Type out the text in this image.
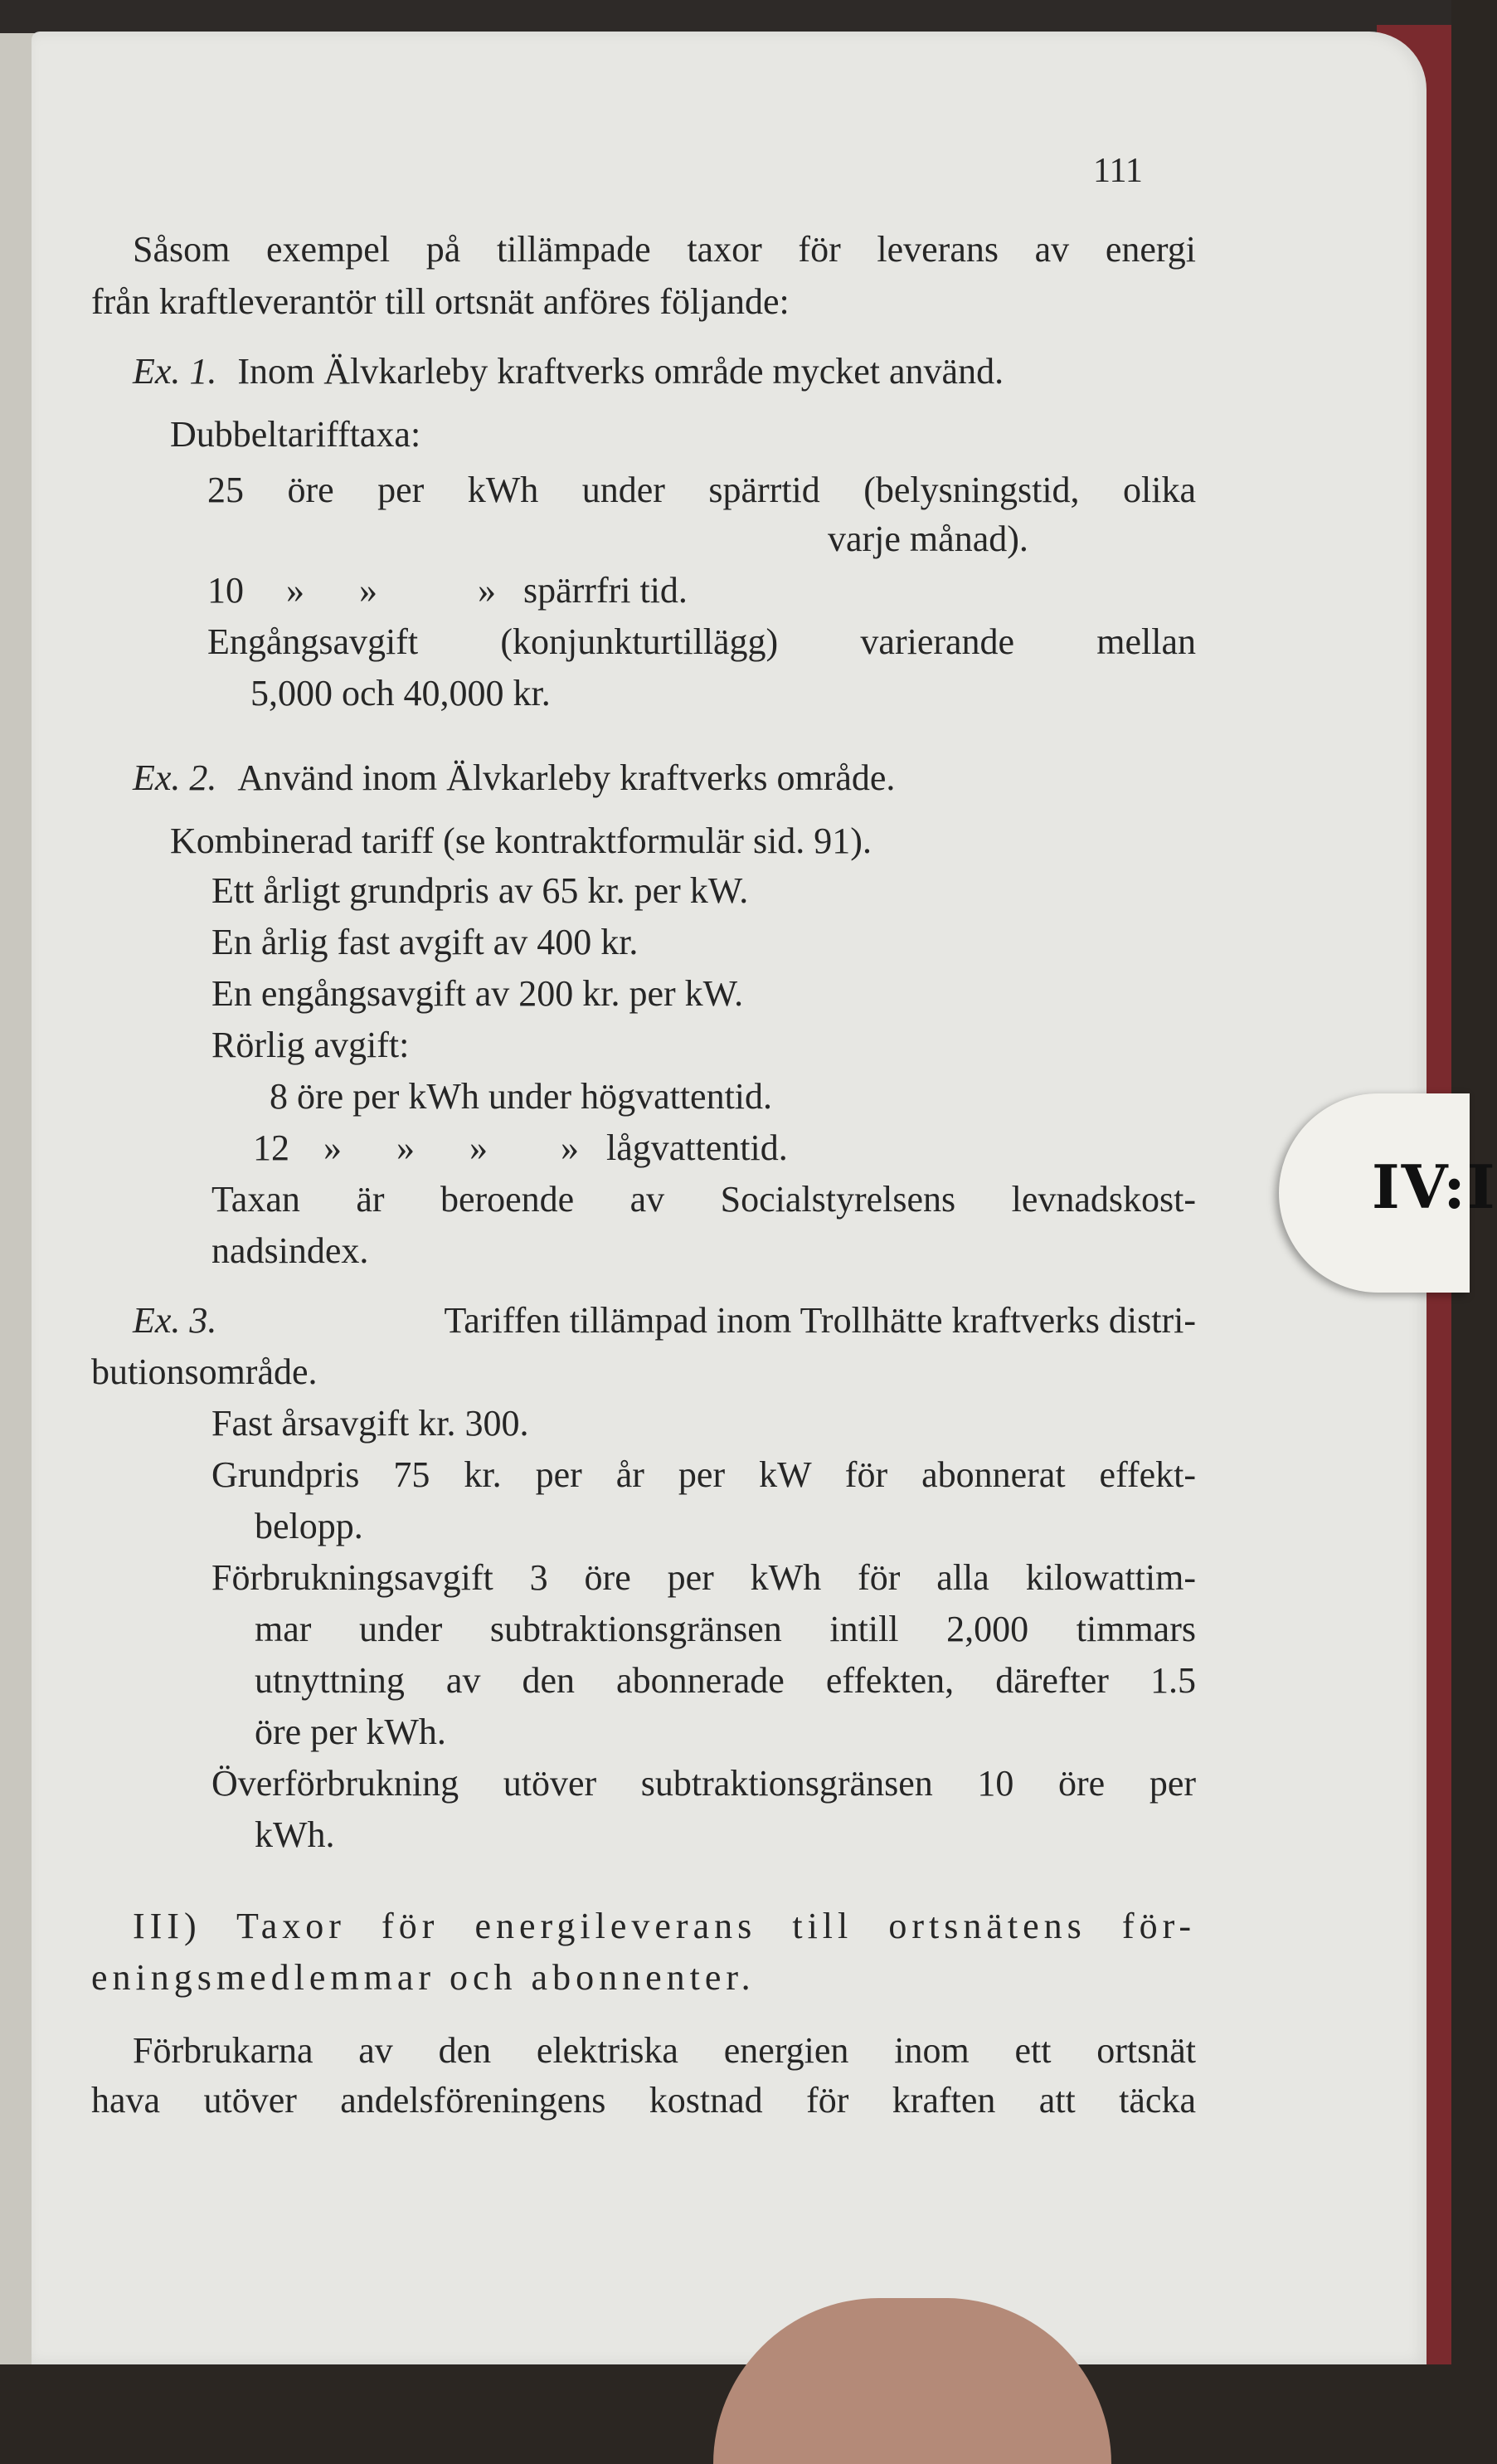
111
Såsom exempel på tillämpade taxor för leverans av energi
från kraftleverantör till ortsnät anföres följande:
Ex. 1. Inom Älvkarleby kraftverks område mycket använd.
Dubbeltarifftaxa:
25 öre per kWh under spärrtid (belysningstid, olika
varje månad).
10 »      »           » spärrfri tid.
Engångsavgift (konjunkturtillägg) varierande mellan
5,000 och 40,000 kr.
Ex. 2. Använd inom Älvkarleby kraftverks område.
Kombinerad tariff (se kontraktformulär sid. 91).
Ett årligt grundpris av 65 kr. per kW.
En årlig fast avgift av 400 kr.
En engångsavgift av 200 kr. per kW.
Rörlig avgift:
8 öre per kWh under högvattentid.
12 »      »      »        » lågvattentid.
Taxan är beroende av Socialstyrelsens levnadskost-
nadsindex.
Ex. 3.	Tariffen tillämpad inom Trollhätte kraftverks distri-
butionsområde.
Fast årsavgift kr. 300.
Grundpris 75 kr. per år per kW för abonnerat effekt-
belopp.
Förbrukningsavgift 3 öre per kWh för alla kilowattim-
mar under subtraktionsgränsen intill 2,000 timmars
utnyttning av den abonnerade effekten, därefter 1.5
öre per kWh.
Överförbrukning utöver subtraktionsgränsen 10 öre per
kWh.
III) Taxor för energileverans till ortsnätens för-
eningsmedlemmar och abonnenter.
Förbrukarna av den elektriska energien inom ett ortsnät
hava utöver andelsföreningens kostnad för kraften att täcka
IV:I
